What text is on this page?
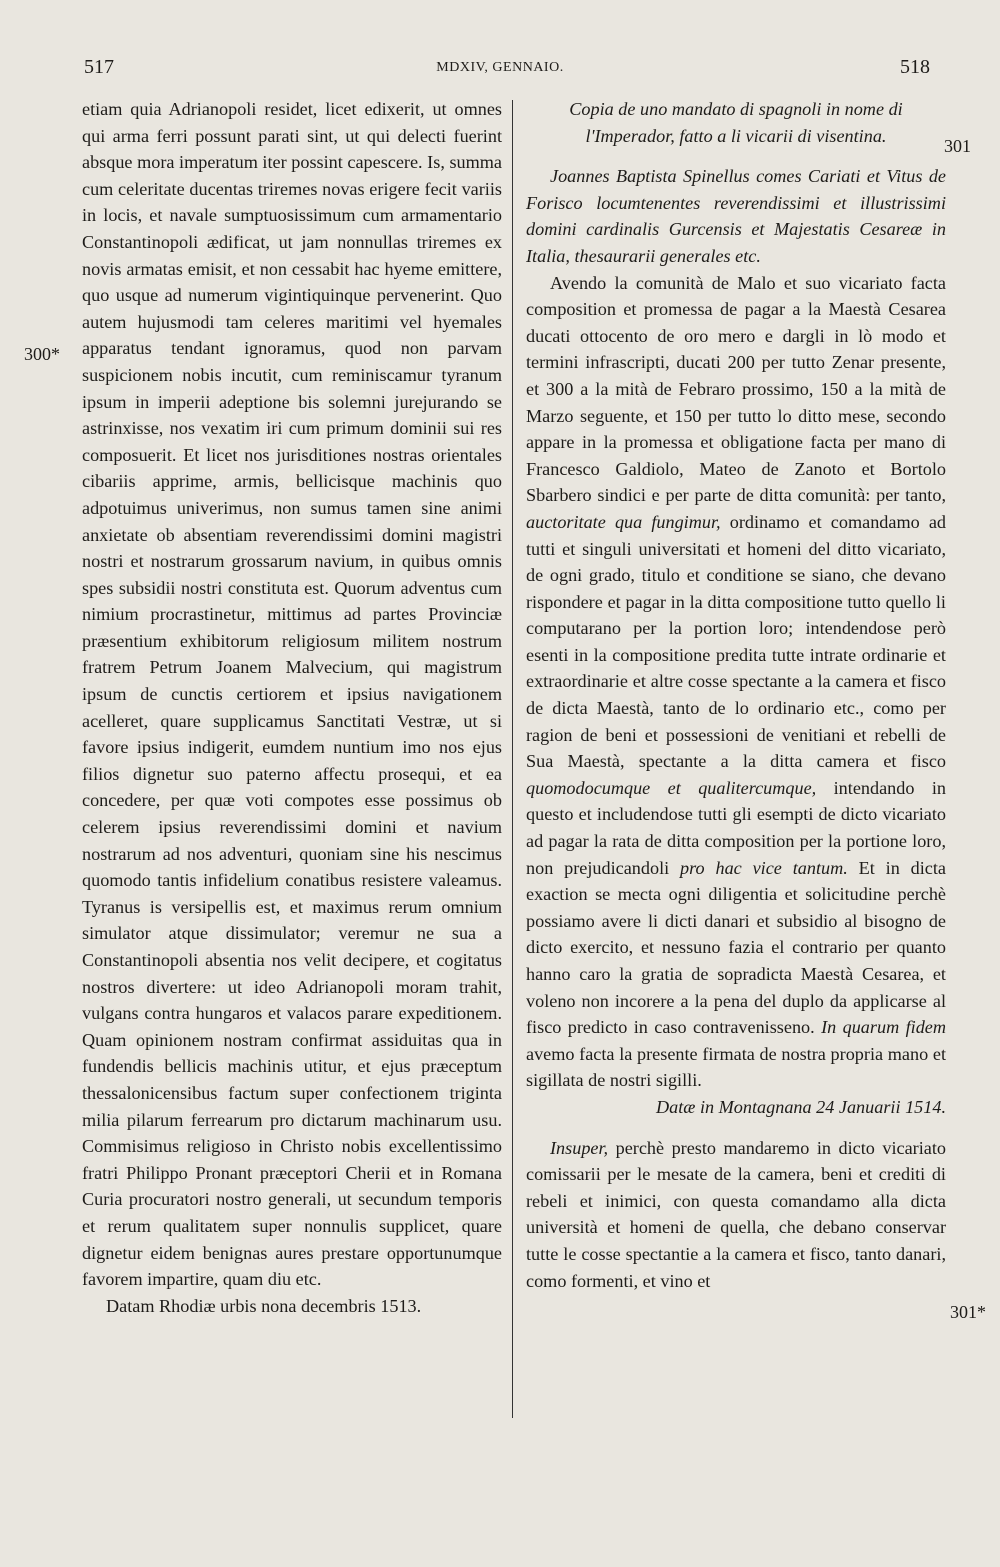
517	MDXIV, GENNAIO.	518
300*
301
301*

etiam quia Adrianopoli residet, licet edixerit, ut omnes qui arma ferri possunt parati sint, ut qui delecti fuerint absque mora imperatum iter possint capescere. Is, summa cum celeritate ducentas triremes novas erigere fecit variis in locis, et navale sumptuosissimum cum armamentario Constantinopoli ædificat, ut jam nonnullas triremes ex novis armatas emisit, et non cessabit hac hyeme emittere, quo usque ad numerum vigintiquinque pervenerint. Quo autem hujusmodi tam celeres maritimi vel hyemales apparatus tendant ignoramus, quod non parvam suspicionem nobis incutit, cum reminiscamur tyranum ipsum in imperii adeptione bis solemni jurejurando se astrinxisse, nos vexatim iri cum primum dominii sui res composuerit. Et licet nos jurisditiones nostras orientales cibariis apprime, armis, bellicisque machinis quo adpotuimus univerimus, non sumus tamen sine animi anxietate ob absentiam reverendissimi domini magistri nostri et nostrarum grossarum navium, in quibus omnis spes subsidii nostri constituta est. Quorum adventus cum nimium procrastinetur, mittimus ad partes Provinciæ præsentium exhibitorum religiosum militem nostrum fratrem Petrum Joanem Malvecium, qui magistrum ipsum de cunctis certiorem et ipsius navigationem acelleret, quare supplicamus Sanctitati Vestræ, ut si favore ipsius indigerit, eumdem nuntium imo nos ejus filios dignetur suo paterno affectu prosequi, et ea concedere, per quæ voti compotes esse possimus ob celerem ipsius reverendissimi domini et navium nostrarum ad nos adventuri, quoniam sine his nescimus quomodo tantis infidelium conatibus resistere valeamus. Tyranus is versipellis est, et maximus rerum omnium simulator atque dissimulator; veremur ne sua a Constantinopoli absentia nos velit decipere, et cogitatus nostros divertere: ut ideo Adrianopoli moram trahit, vulgans contra hungaros et valacos parare expeditionem. Quam opinionem nostram confirmat assiduitas qua in fundendis bellicis machinis utitur, et ejus præceptum thessalonicensibus factum super confectionem triginta milia pilarum ferrearum pro dictarum machinarum usu. Commisimus religioso in Christo nobis excellentissimo fratri Philippo Pronant præceptori Cherii et in Romana Curia procuratori nostro generali, ut secundum temporis et rerum qualitatem super nonnulis supplicet, quare dignetur eidem benignas aures prestare opportunumque favorem impartire, quam diu etc.

Datam Rhodiæ urbis nona decembris 1513.

Copia de uno mandato di spagnoli in nome di l'Imperador, fatto a li vicarii di visentina.

Joannes Baptista Spinellus comes Cariati et Vitus de Forisco locumtenentes reverendissimi et illustrissimi domini cardinalis Gurcensis et Majestatis Cesareæ in Italia, thesaurarii generales etc.

Avendo la comunità de Malo et suo vicariato facta composition et promessa de pagar a la Maestà Cesarea ducati ottocento de oro mero e dargli in lò modo et termini infrascripti, ducati 200 per tutto Zenar presente, et 300 a la mità de Febraro prossimo, 150 a la mità de Marzo seguente, et 150 per tutto lo ditto mese, secondo appare in la promessa et obligatione facta per mano di Francesco Galdiolo, Mateo de Zanoto et Bortolo Sbarbero sindici e per parte de ditta comunità: per tanto, auctoritate qua fungimur, ordinamo et comandamo ad tutti et singuli universitati et homeni del ditto vicariato, de ogni grado, titulo et conditione se siano, che devano rispondere et pagar in la ditta compositione tutto quello li computarano per la portion loro; intendendose però esenti in la compositione predita tutte intrate ordinarie et extraordinarie et altre cosse spectante a la camera et fisco de dicta Maestà, tanto de lo ordinario etc., como per ragion de beni et possessioni de venitiani et rebelli de Sua Maestà, spectante a la ditta camera et fisco quomodocumque et qualitercumque, intendando in questo et includendose tutti gli esempti de dicto vicariato ad pagar la rata de ditta composition per la portione loro, non prejudicandoli pro hac vice tantum. Et in dicta exaction se mecta ogni diligentia et solicitudine perchè possiamo avere li dicti danari et subsidio al bisogno de dicto exercito, et nessuno fazia el contrario per quanto hanno caro la gratia de sopradicta Maestà Cesarea, et voleno non incorere a la pena del duplo da applicarse al fisco predicto in caso contravenisseno. In quarum fidem avemo facta la presente firmata de nostra propria mano et sigillata de nostri sigilli.

Datæ in Montagnana 24 Januarii 1514.

Insuper, perchè presto mandaremo in dicto vicariato comissarii per le mesate de la camera, beni et crediti di rebeli et inimici, con questa comandamo alla dicta università et homeni de quella, che debano conservar tutte le cosse spectantie a la camera et fisco, tanto danari, como formenti, et vino et
